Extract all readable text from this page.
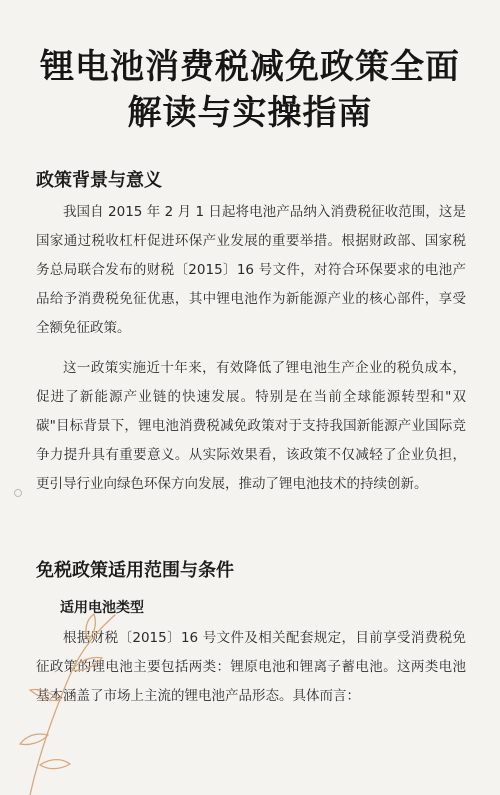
锂电池消费税减免政策全面解读与实操指南
政策背景与意义
我国自 2015 年 2 月 1 日起将电池产品纳入消费税征收范围，这是国家通过税收杠杆促进环保产业发展的重要举措。根据财政部、国家税务总局联合发布的财税〔2015〕16 号文件，对符合环保要求的电池产品给予消费税免征优惠，其中锂电池作为新能源产业的核心部件，享受全额免征政策。
这一政策实施近十年来，有效降低了锂电池生产企业的税负成本，促进了新能源产业链的快速发展。特别是在当前全球能源转型和"双碳"目标背景下，锂电池消费税减免政策对于支持我国新能源产业国际竞争力提升具有重要意义。从实际效果看，该政策不仅减轻了企业负担，更引导行业向绿色环保方向发展，推动了锂电池技术的持续创新。
免税政策适用范围与条件
适用电池类型
根据财税〔2015〕16 号文件及相关配套规定，目前享受消费税免征政策的锂电池主要包括两类：锂原电池和锂离子蓄电池。这两类电池基本涵盖了市场上主流的锂电池产品形态。具体而言：
